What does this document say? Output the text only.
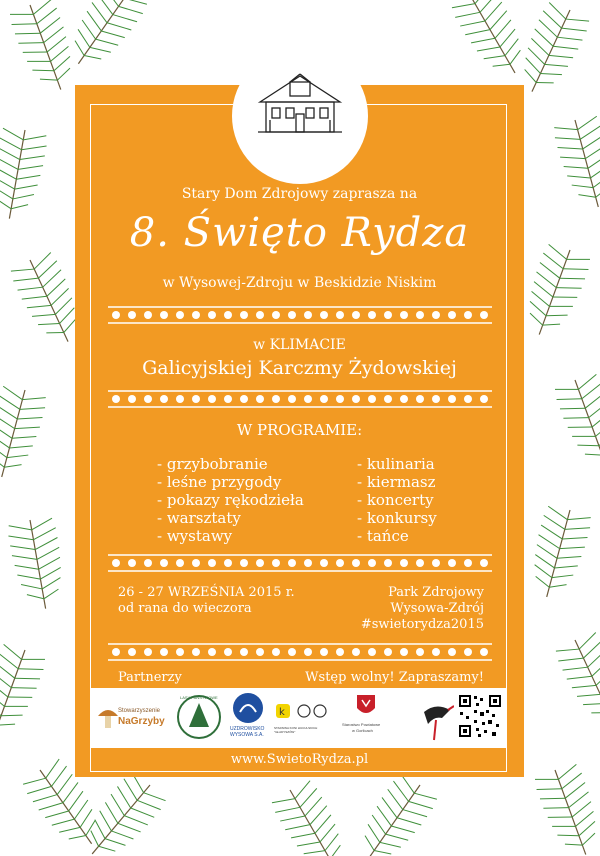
Stary Dom Zdrojowy zaprasza na
8. Święto Rydza
w Wysowej-Zdroju w Beskidzie Niskim
w KLIMACIE
Galicyjskiej Karczmy Żydowskiej
W PROGRAMIE:
- grzybobranie
- leśne przygody
- pokazy rękodzieła
- warsztaty
- wystawy
- kulinaria
- kiermasz
- koncerty
- konkursy
- tańce
26 - 27 WRZEŚNIA 2015 r.
od rana do wieczora
Park Zdrojowy
Wysowa-Zdrój
#swietorydza2015
Partnerzy	Wstęp wolny! Zapraszamy!
Stowarzyszenie
NaGrzyby
LASY PAŃSTWOWE
UZDROWISKO
WYSOWA S.A.
k
STADNINA KONI HUCULSKICH "GŁADYSZÓW"
Starostwo Powiatowe
w Gorlicach
www.SwietoRydza.pl
